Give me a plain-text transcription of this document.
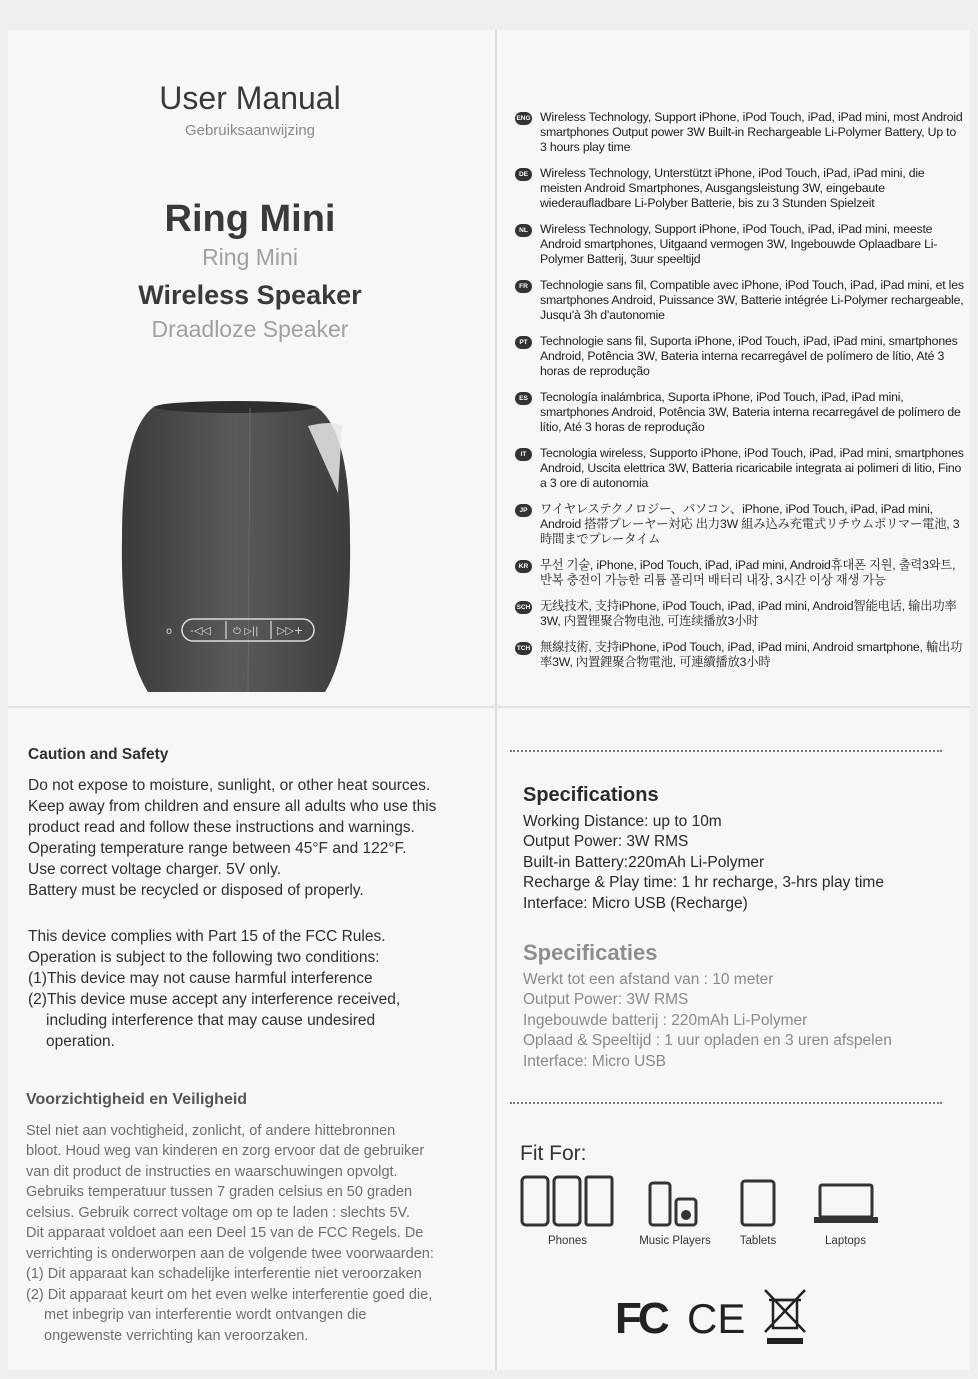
User Manual
Gebruiksaanwijzing
Ring Mini
Ring Mini
Wireless Speaker
Draadloze Speaker
o -◁◁ ⏻ ▷|| ▷▷+
Caution and Safety
Do not expose to moisture, sunlight, or other heat sources.
Keep away from children and ensure all adults who use this
product read and follow these instructions and warnings.
Operating temperature range between 45°F and 122°F.
Use correct voltage charger. 5V only.
Battery must be recycled or disposed of properly.
This device complies with Part 15 of the FCC Rules.
Operation is subject to the following two conditions:
(1)This device may not cause harmful interference
(2)This device muse accept any interference received,
including interference that may cause undesired
operation.
Voorzichtigheid en Veiligheid
Stel niet aan vochtigheid, zonlicht, of andere hittebronnen
bloot. Houd weg van kinderen en zorg ervoor dat de gebruiker
van dit product de instructies en waarschuwingen opvolgt.
Gebruiks temperatuur tussen 7 graden celsius en 50 graden
celsius. Gebruik correct voltage om op te laden : slechts 5V.
Dit apparaat voldoet aan een Deel 15 van de FCC Regels. De
verrichting is onderworpen aan de volgende twee voorwaarden:
(1) Dit apparaat kan schadelijke interferentie niet veroorzaken
(2) Dit apparaat keurt om het even welke interferentie goed die,
met inbegrip van interferentie wordt ontvangen die
ongewenste verrichting kan veroorzaken.
ENG Wireless Technology, Support iPhone, iPod Touch, iPad, iPad mini, most Android smartphones Output power 3W Built-in Rechargeable Li-Polymer Battery, Up to 3 hours play time
DE Wireless Technology, Unterstützt iPhone, iPod Touch, iPad, iPad mini, die meisten Android Smartphones, Ausgangsleistung 3W, eingebaute wiederaufladbare Li-Polyber Batterie, bis zu 3 Stunden Spielzeit
NL Wireless Technology, Support iPhone, iPod Touch, iPad, iPad mini, meeste Android smartphones, Uitgaand vermogen 3W, Ingebouwde Oplaadbare Li-Polymer Batterij, 3uur speeltijd
FR Technologie sans fil, Compatible avec iPhone, iPod Touch, iPad, iPad mini, et les smartphones Android, Puissance 3W, Batterie intégrée Li-Polymer rechargeable, Jusqu'à 3h d'autonomie
PT	Technologie sans fil, Suporta iPhone, iPod Touch, iPad, iPad mini, smartphones Android, Potência 3W, Bateria interna recarregável de polímero de lítio, Até 3 horas de reprodução
ES Tecnología inalámbrica, Suporta iPhone, iPod Touch, iPad, iPad mini, smartphones Android, Potência 3W, Bateria interna recarregável de polímero de lítio, Até 3 horas de reprodução
IT	Tecnologia wireless, Supporto iPhone, iPod Touch, iPad, iPad mini, smartphones Android, Uscita elettrica 3W, Batteria ricaricabile integrata ai polimeri di litio, Fino a 3 ore di autonomia
JP	ワイヤレステクノロジー、パソコン、iPhone, iPod Touch, iPad, iPad mini, Android 搭帯プレーヤー対応 出力3W 組み込み充電式リチウムポリマー電池, 3時間までプレータイム
KR 무선 기술, iPhone, iPod Touch, iPad, iPad mini, Android휴대폰 지원, 출력3와트, 반복 충전이 가능한 리튬 폴리머 배터리 내장, 3시간 이상 재생 가능
SCH 无线技术, 支持iPhone, iPod Touch, iPad, iPad mini, Android智能电话, 输出功率3W, 内置锂聚合物电池, 可连续播放3小时
TCH 無線技術, 支持iPhone, iPod Touch, iPad, iPad mini, Android smartphone, 輸出功率3W, 內置鋰聚合物電池, 可連續播放3小時
Specifications
Working Distance: up to 10m
Output Power: 3W RMS
Built-in Battery:220mAh Li-Polymer
Recharge & Play time: 1 hr recharge, 3-hrs play time
Interface: Micro USB (Recharge)
Specificaties
Werkt tot een afstand van : 10 meter
Output Power: 3W RMS
Ingebouwde batterij : 220mAh Li-Polymer
Oplaad & Speeltijd : 1 uur opladen en 3 uren afspelen
Interface: Micro USB
Fit For:
Phones	Music Players	Tablets	Laptops
FC CE
